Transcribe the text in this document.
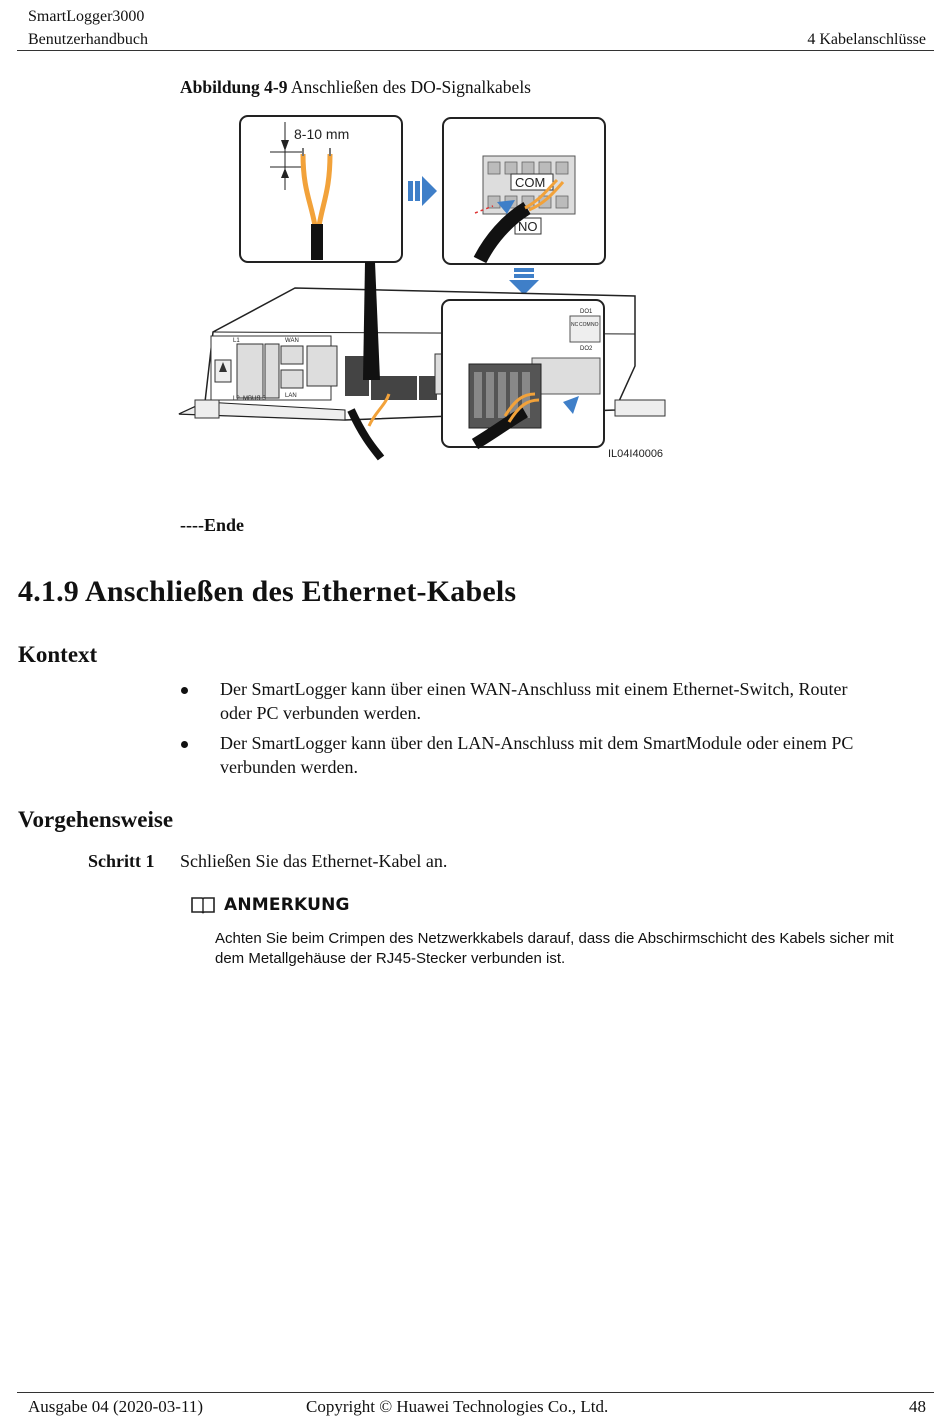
SmartLogger3000
Benutzerhandbuch	4 Kabelanschlüsse
Abbildung 4-9 Anschließen des DO-Signalkabels
8-10 mm
COM
NO
WAN
LAN
L2 MBUS
L3
L1
DO1
NC COM NO
DO2
IL04I40006
----Ende
4.1.9 Anschließen des Ethernet-Kabels
Kontext
Der SmartLogger kann über einen WAN-Anschluss mit einem Ethernet-Switch, Router
oder PC verbunden werden.
Der SmartLogger kann über den LAN-Anschluss mit dem SmartModule oder einem PC
verbunden werden.
Vorgehensweise
Schritt 1 Schließen Sie das Ethernet-Kabel an.
ANMERKUNG
Achten Sie beim Crimpen des Netzwerkkabels darauf, dass die Abschirmschicht des Kabels sicher mit
dem Metallgehäuse der RJ45-Stecker verbunden ist.
Ausgabe 04 (2020-03-11)	Copyright © Huawei Technologies Co., Ltd.	48
